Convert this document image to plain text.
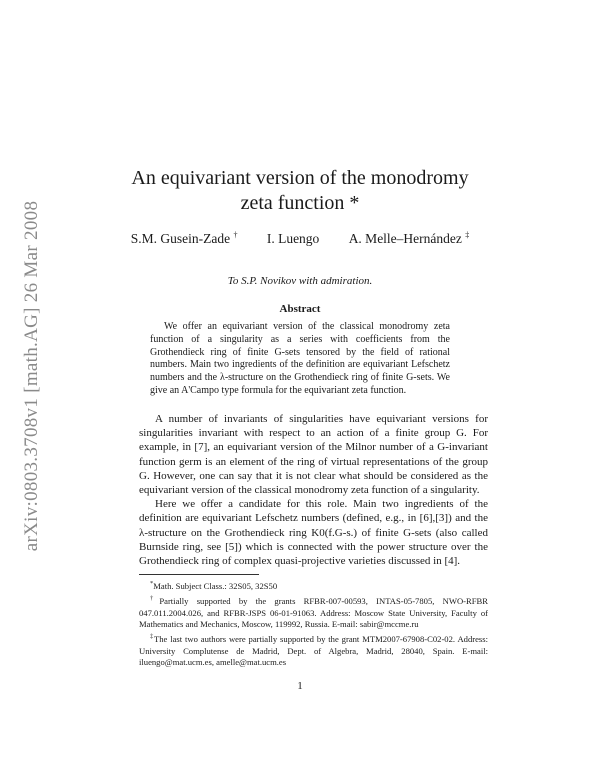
arXiv:0803.3708v1 [math.AG] 26 Mar 2008
An equivariant version of the monodromy
zeta function *
S.M. Gusein-Zade † I. Luengo A. Melle–Hernández ‡
To S.P. Novikov with admiration.
Abstract
We offer an equivariant version of the classical monodromy zeta function of a singularity as a series with coefficients from the Grothendieck ring of finite G-sets tensored by the field of rational numbers. Main two ingredients of the definition are equivariant Lefschetz numbers and the λ-structure on the Grothendieck ring of finite G-sets. We give an A'Campo type formula for the equivariant zeta function.

A number of invariants of singularities have equivariant versions for singularities invariant with respect to an action of a finite group G. For example, in [7], an equivariant version of the Milnor number of a G-invariant function germ is an element of the ring of virtual representations of the group G. However, one can say that it is not clear what should be considered as the equivariant version of the classical monodromy zeta function of a singularity.

Here we offer a candidate for this role. Main two ingredients of the definition are equivariant Lefschetz numbers (defined, e.g., in [6],[3]) and the λ-structure on the Grothendieck ring K0(f.G-s.) of finite G-sets (also called Burnside ring, see [5]) which is connected with the power structure over the Grothendieck ring of complex quasi-projective varieties discussed in [4].

*Math. Subject Class.: 32S05, 32S50

†Partially supported by the grants RFBR-007-00593, INTAS-05-7805, NWO-RFBR 047.011.2004.026, and RFBR-JSPS 06-01-91063. Address: Moscow State University, Faculty of Mathematics and Mechanics, Moscow, 119992, Russia. E-mail: sabir@mccme.ru

‡The last two authors were partially supported by the grant MTM2007-67908-C02-02. Address: University Complutense de Madrid, Dept. of Algebra, Madrid, 28040, Spain. E-mail: iluengo@mat.ucm.es, amelle@mat.ucm.es

1
